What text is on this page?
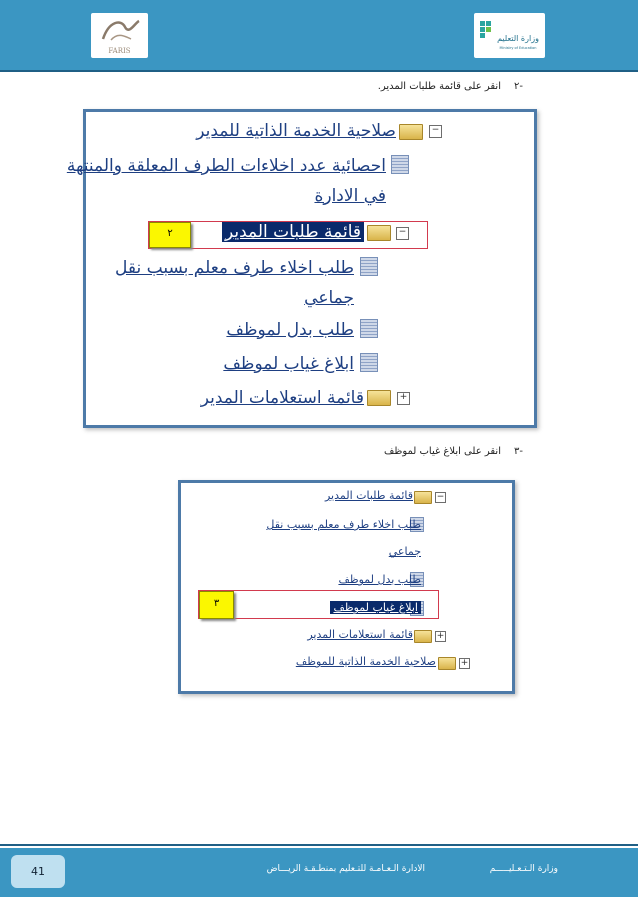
FARIS
وزارة التعليم
Ministry of Education
٢-
انقر على قائمة طلبات المدير.
−
صلاحية الخدمة الذاتية للمدير
احصائية عدد اخلاءات الطرف المعلقة والمنتهة
في الادارة
−
قائمة طلبات المدير
طلب اخلاء طرف معلم بسبب نقل
جماعي
طلب بدل لموظف
ابلاغ غياب لموظف
+
قائمة استعلامات المدير
٢
٣-
انقر على ابلاغ غياب لموظف
−
قائمة طلبات المدير
طلب اخلاء طرف معلم بسبب نقل
جماعي
طلب بدل لموظف
ابلاغ غياب لموظف
+
قائمة استعلامات المدير
+
صلاحية الخدمة الذاتية للموظف
٣
41	الادارة الـعـامـة للتـعليم بمنطـقـة الريـــاض	وزارة الـتـعـليـــــم
